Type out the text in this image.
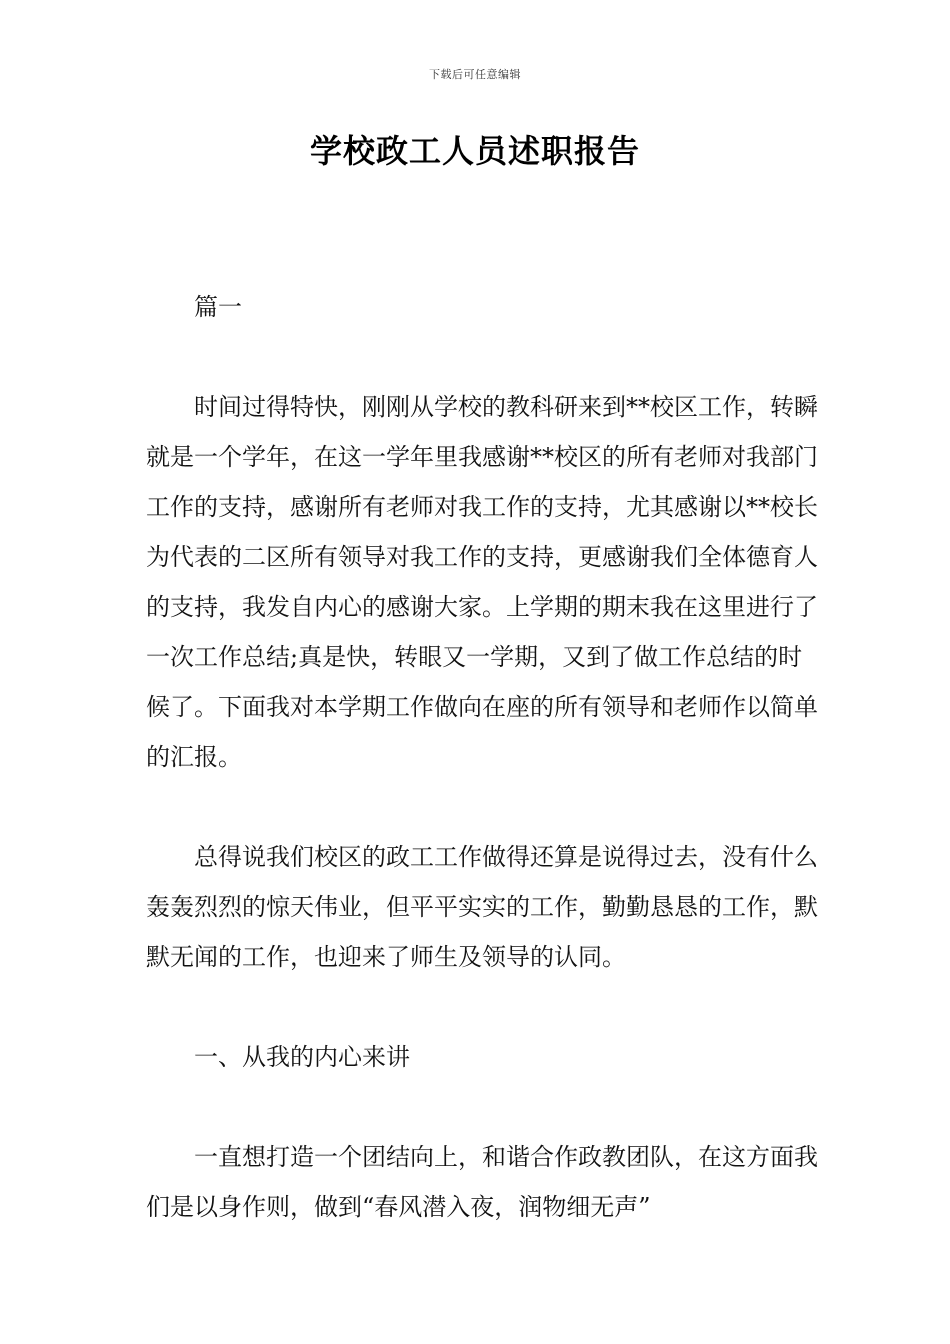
下载后可任意编辑
学校政工人员述职报告

篇一

时间过得特快，刚刚从学校的教科研来到**校区工作，转瞬就是一个学年，在这一学年里我感谢**校区的所有老师对我部门工作的支持，感谢所有老师对我工作的支持，尤其感谢以**校长为代表的二区所有领导对我工作的支持，更感谢我们全体德育人的支持，我发自内心的感谢大家。上学期的期末我在这里进行了一次工作总结;真是快，转眼又一学期，又到了做工作总结的时候了。下面我对本学期工作做向在座的所有领导和老师作以简单的汇报。

总得说我们校区的政工工作做得还算是说得过去，没有什么轰轰烈烈的惊天伟业，但平平实实的工作，勤勤恳恳的工作，默默无闻的工作，也迎来了师生及领导的认同。

一、从我的内心来讲

一直想打造一个团结向上，和谐合作政教团队，在这方面我们是以身作则，做到“春风潜入夜，润物细无声”
